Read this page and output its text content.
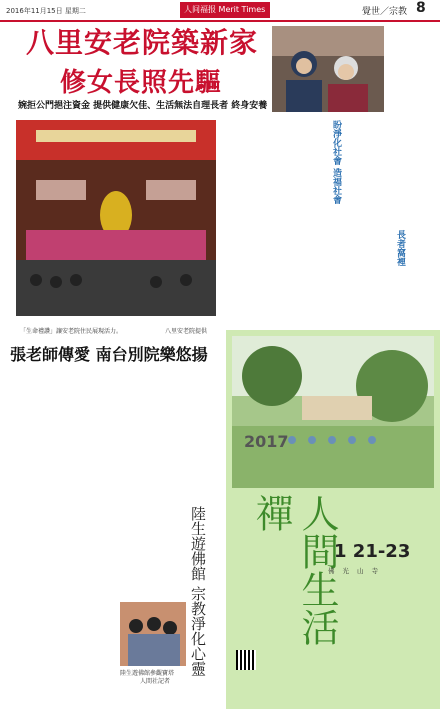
2016年11月15日 星期二	人间福报 Merit Times	覺世／宗教 8
八里安老院築新家
修女長照先驅
婉拒公門挹注資金 提供健康欠佳、生活無法自理長者 終身安養
「生命禮讚」讓安老院住民展現活力。	八里安老院提供
盼淨化社會 造福社會
張老師傳愛 南台別院樂悠揚
長者窩裡
陸生遊佛館 宗教淨化心靈
陸生遊佛館參觀寶塔
人間社記者
2017
人間生活禪
1 21-23
佛光山寺
